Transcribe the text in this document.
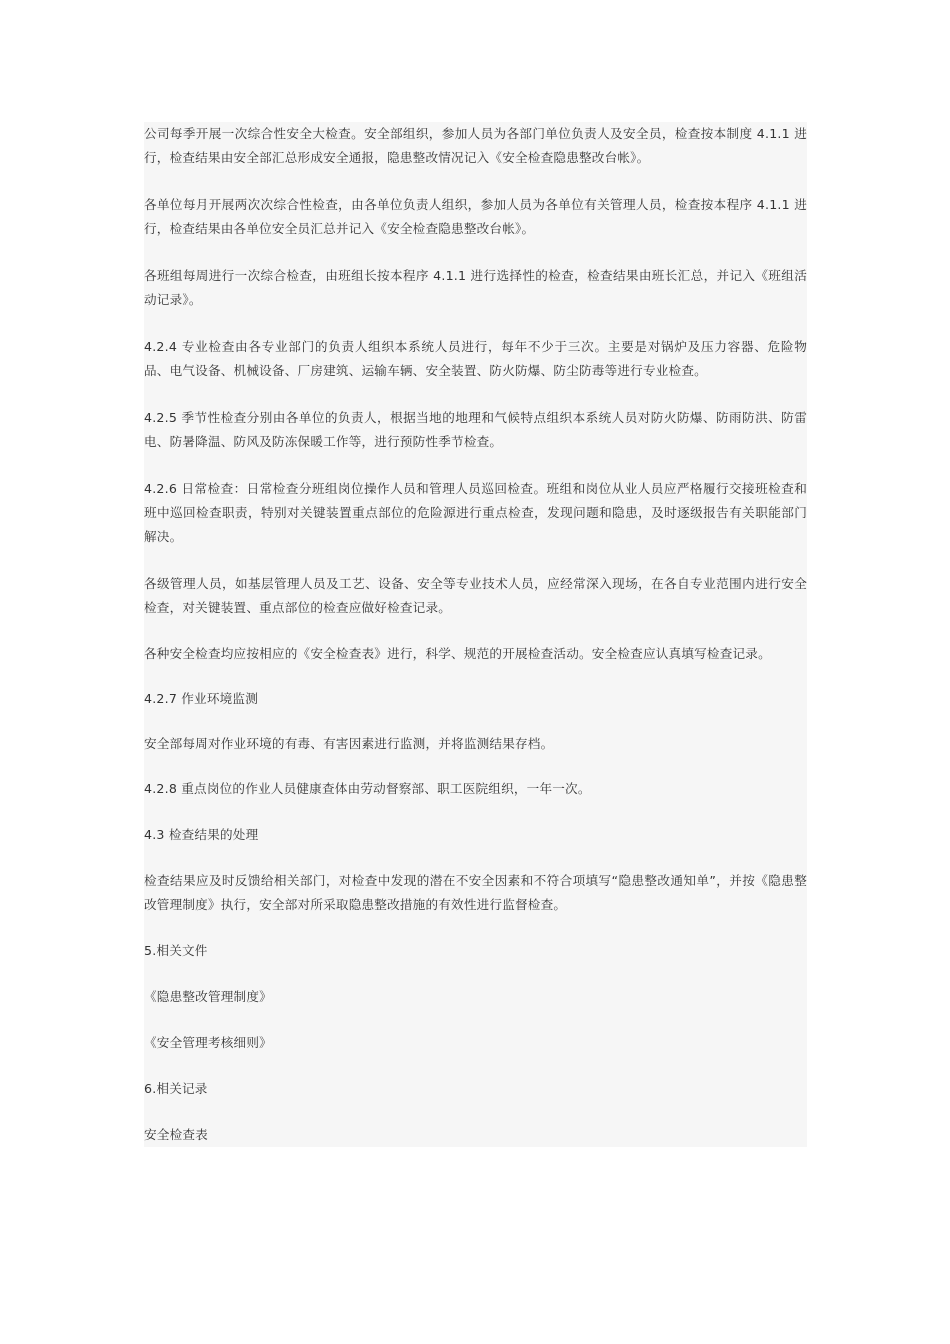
公司每季开展一次综合性安全大检查。安全部组织，参加人员为各部门单位负责人及安全员，检查按本制度 4.1.1 进行，检查结果由安全部汇总形成安全通报，隐患整改情况记入《安全检查隐患整改台帐》。

各单位每月开展两次次综合性检查，由各单位负责人组织，参加人员为各单位有关管理人员，检查按本程序 4.1.1 进行，检查结果由各单位安全员汇总并记入《安全检查隐患整改台帐》。

各班组每周进行一次综合检查，由班组长按本程序 4.1.1 进行选择性的检查，检查结果由班长汇总，并记入《班组活动记录》。

4.2.4 专业检查由各专业部门的负责人组织本系统人员进行，每年不少于三次。主要是对锅炉及压力容器、危险物品、电气设备、机械设备、厂房建筑、运输车辆、安全装置、防火防爆、防尘防毒等进行专业检查。

4.2.5 季节性检查分别由各单位的负责人，根据当地的地理和气候特点组织本系统人员对防火防爆、防雨防洪、防雷电、防暑降温、防风及防冻保暖工作等，进行预防性季节检查。

4.2.6 日常检查：日常检查分班组岗位操作人员和管理人员巡回检查。班组和岗位从业人员应严格履行交接班检查和班中巡回检查职责，特别对关键装置重点部位的危险源进行重点检查，发现问题和隐患，及时逐级报告有关职能部门解决。

各级管理人员，如基层管理人员及工艺、设备、安全等专业技术人员，应经常深入现场，在各自专业范围内进行安全检查，对关键装置、重点部位的检查应做好检查记录。

各种安全检查均应按相应的《安全检查表》进行，科学、规范的开展检查活动。安全检查应认真填写检查记录。

4.2.7 作业环境监测

安全部每周对作业环境的有毒、有害因素进行监测，并将监测结果存档。

4.2.8 重点岗位的作业人员健康查体由劳动督察部、职工医院组织，一年一次。

4.3 检查结果的处理

检查结果应及时反馈给相关部门，对检查中发现的潜在不安全因素和不符合项填写“隐患整改通知单”，并按《隐患整改管理制度》执行，安全部对所采取隐患整改措施的有效性进行监督检查。

5.相关文件

《隐患整改管理制度》

《安全管理考核细则》

6.相关记录

安全检查表
